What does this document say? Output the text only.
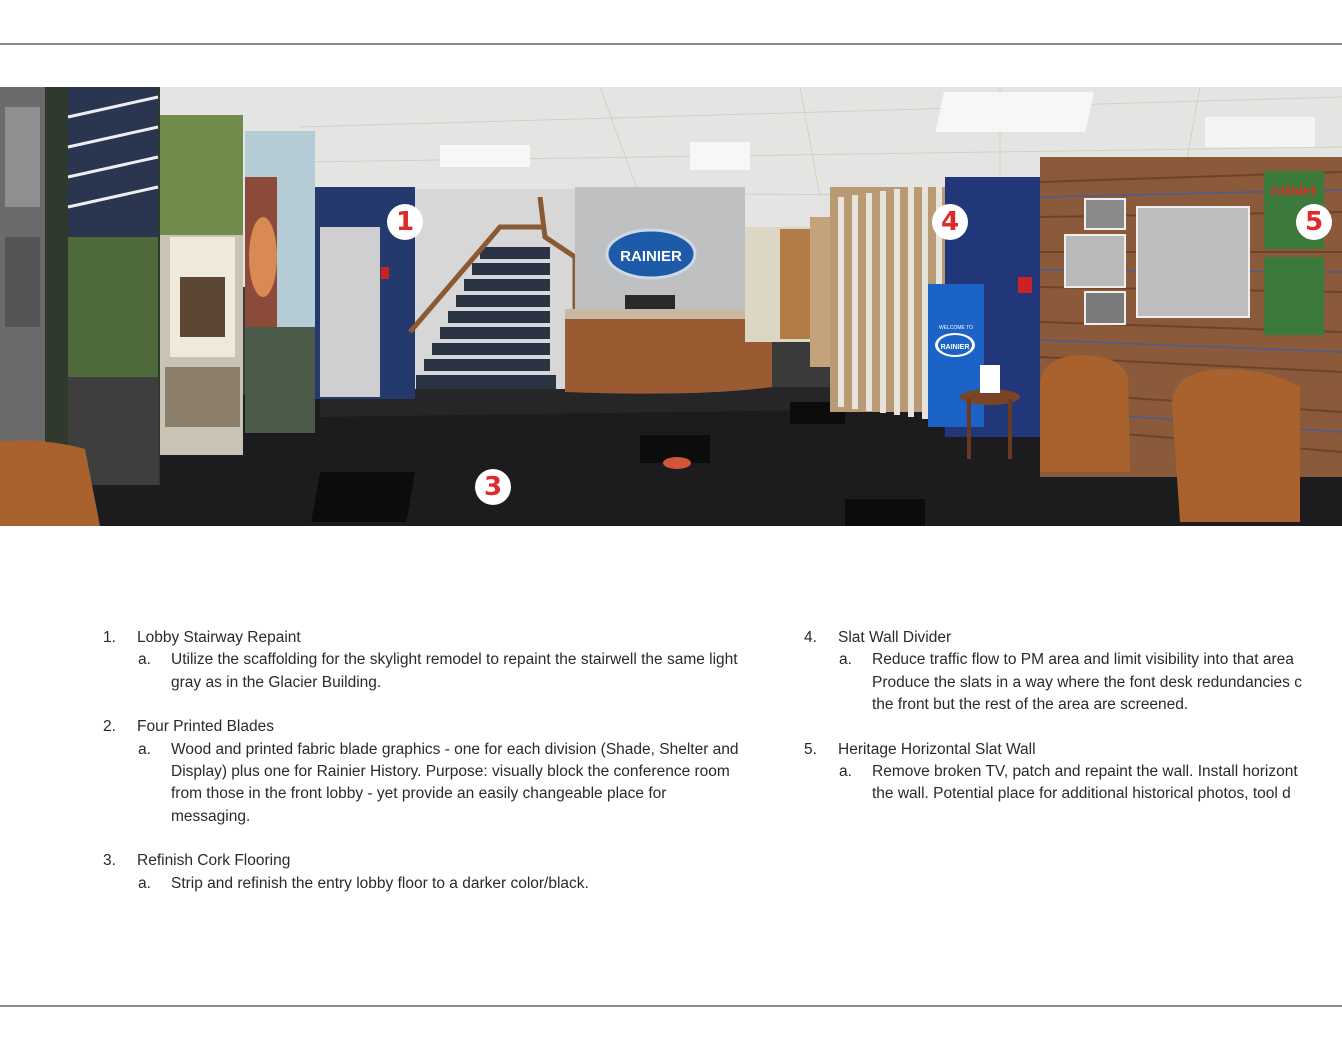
RAINIER
WELCOME TO
RAINIER
rainier
1
3
4	5
1. Lobby Stairway Repaint
a. Utilize the scaffolding for the skylight remodel to repaint the stairwell the same light gray as in the Glacier Building.
2. Four Printed Blades
a. Wood and printed fabric blade graphics - one for each division (Shade, Shelter and Display) plus one for Rainier History. Purpose: visually block the conference room from those in the front lobby - yet provide an easily changeable place for messaging.
3. Refinish Cork Flooring
a. Strip and refinish the entry lobby floor to a darker color/black.
4. Slat Wall Divider
a. Reduce traffic flow to PM area and limit visibility into that area
Produce the slats in a way where the font desk redundancies c
the front but the rest of the area are screened.
5. Heritage Horizontal Slat Wall
a. Remove broken TV, patch and repaint the wall. Install horizont
the wall. Potential place for additional historical photos, tool d
